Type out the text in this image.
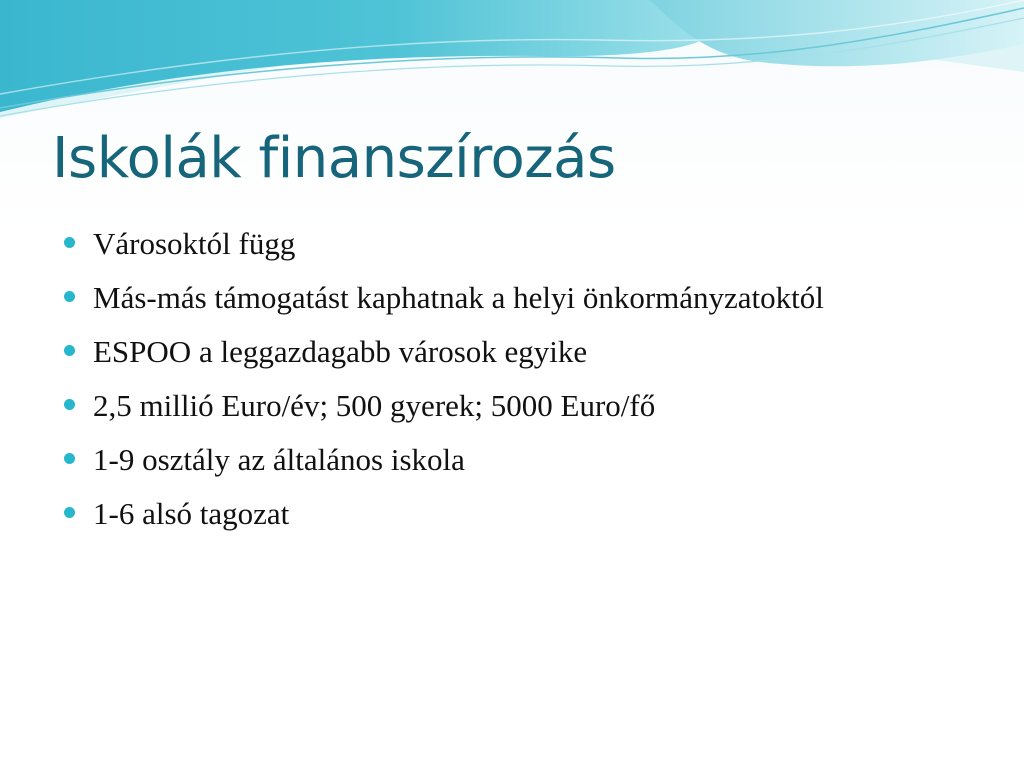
Iskolák finanszírozás
Városoktól függ
Más-más támogatást kaphatnak a helyi önkormányzatoktól
ESPOO a leggazdagabb városok egyike
2,5 millió Euro/év; 500 gyerek; 5000 Euro/fő
1-9 osztály az általános iskola
1-6 alsó tagozat
